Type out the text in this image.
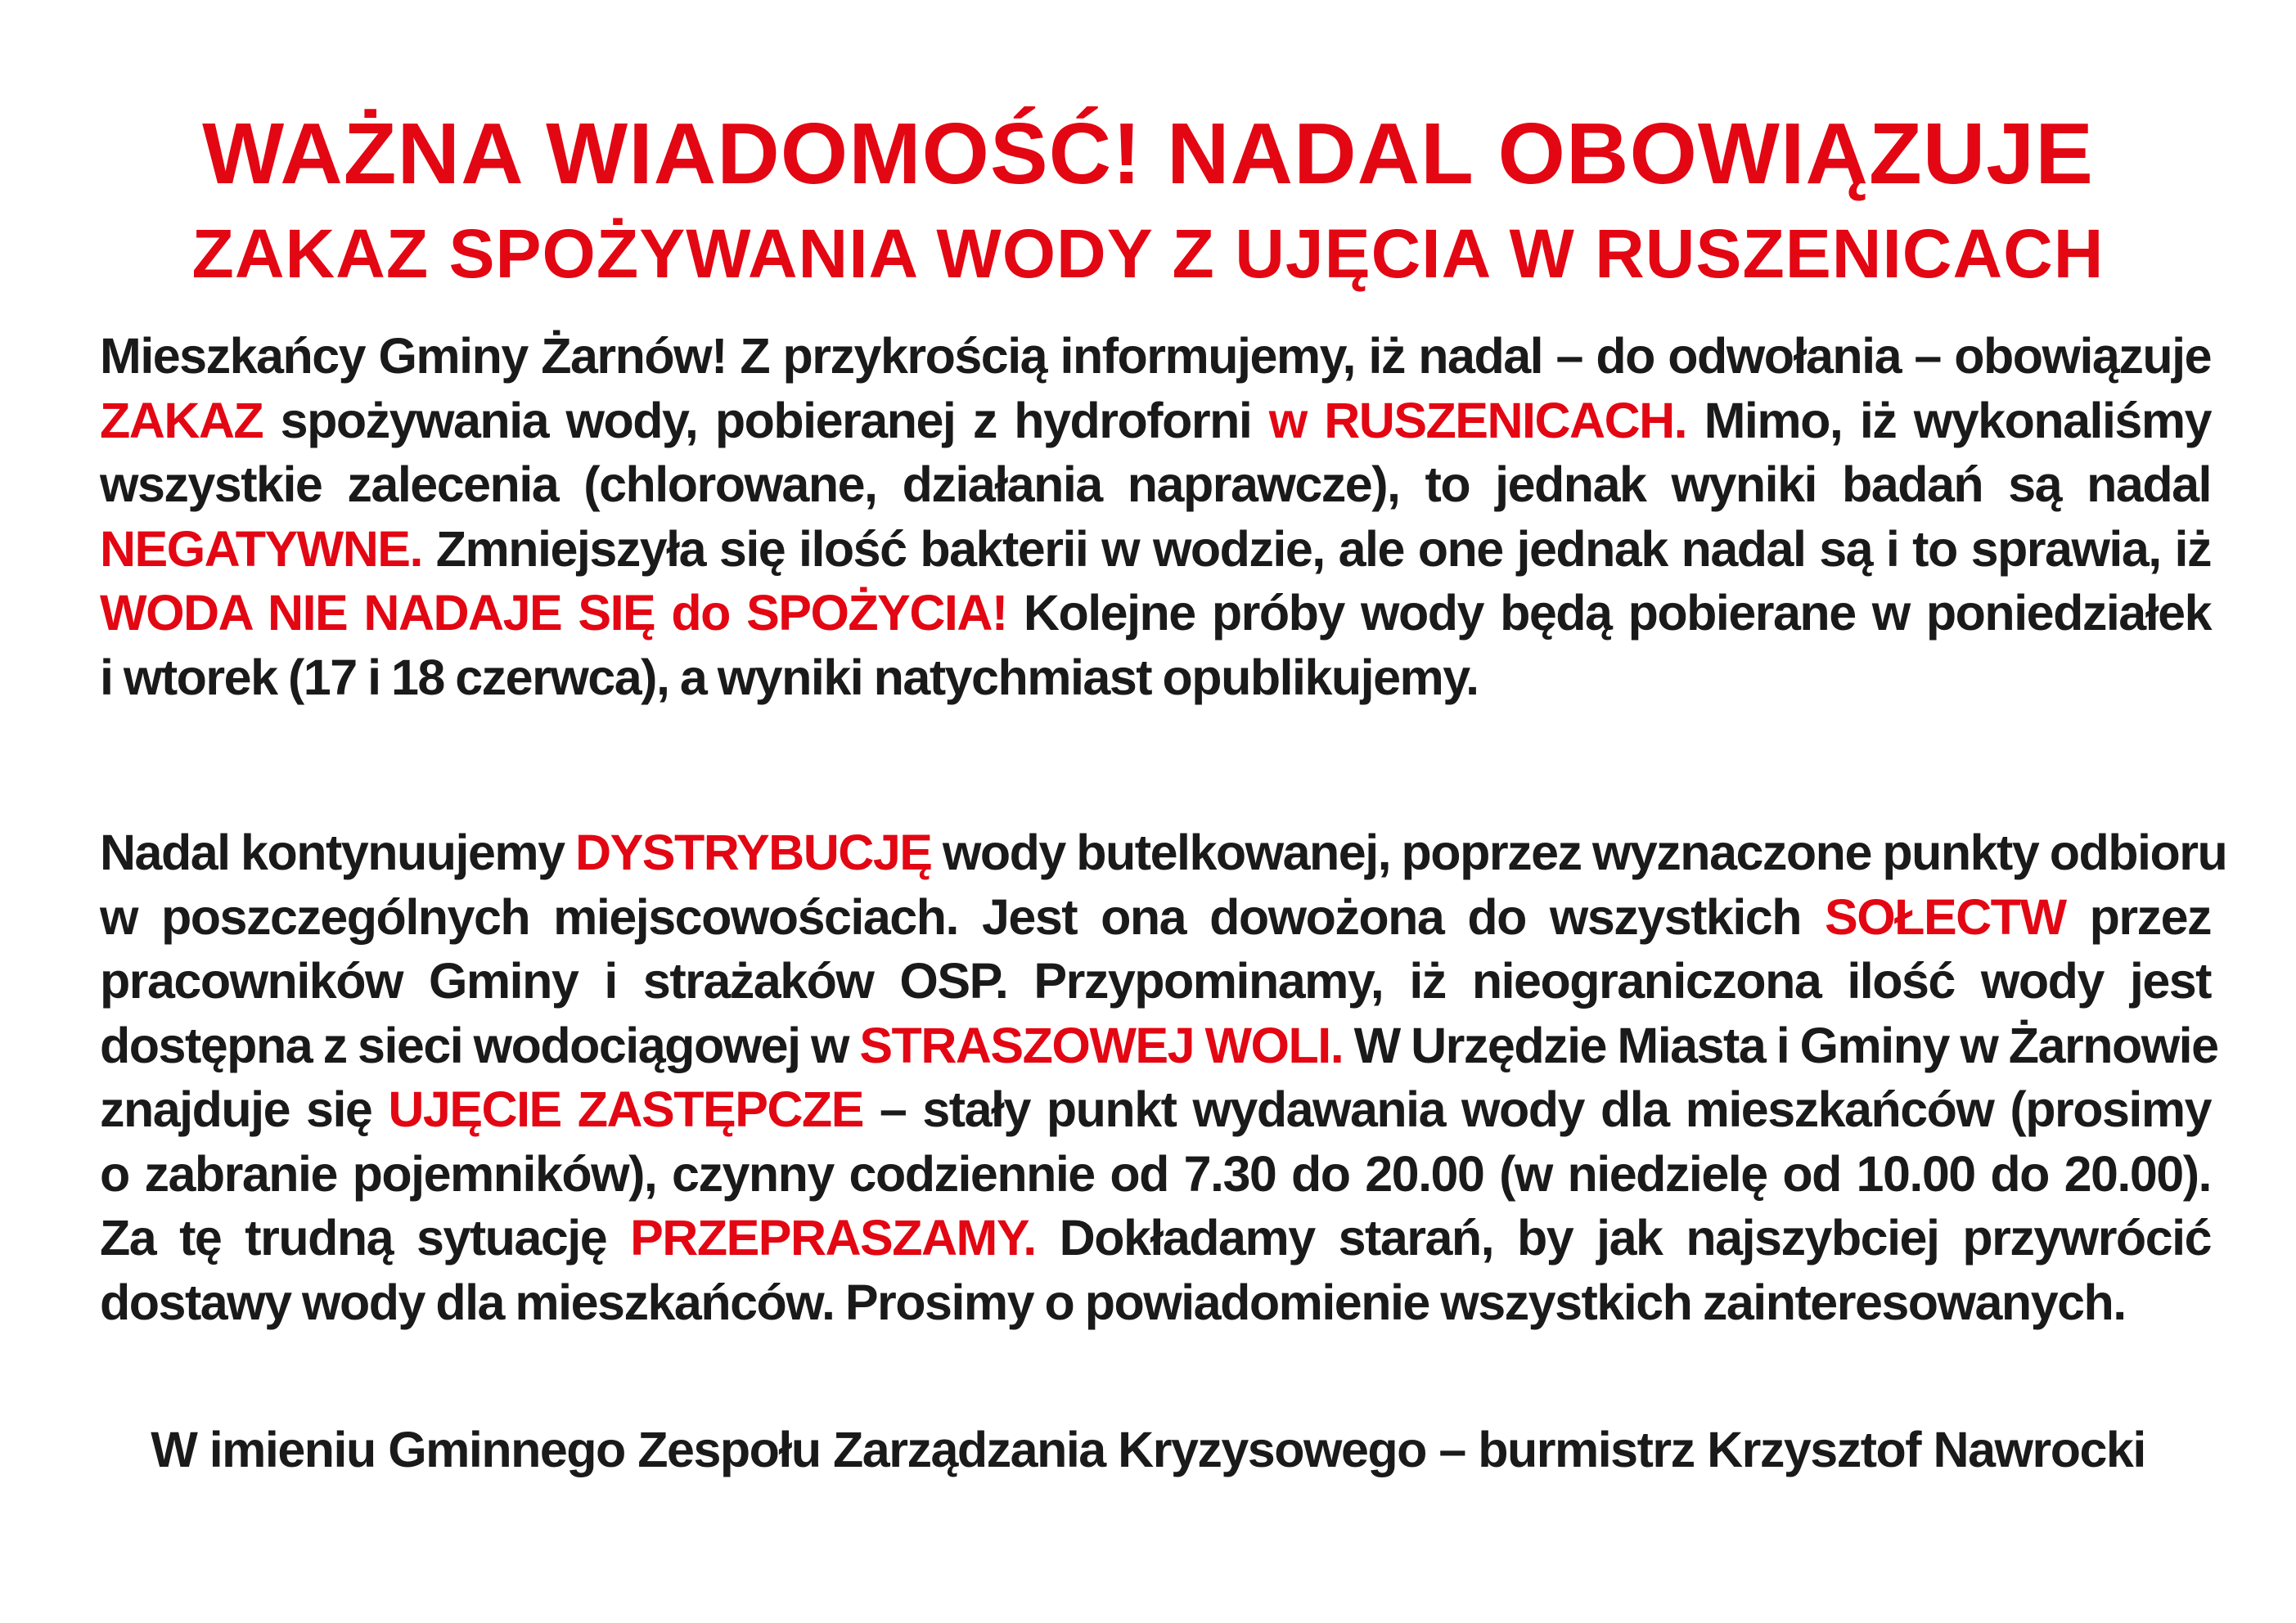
WAŻNA WIADOMOŚĆ! NADAL OBOWIĄZUJE
ZAKAZ SPOŻYWANIA WODY Z UJĘCIA W RUSZENICACH
Mieszkańcy Gminy Żarnów! Z przykrością informujemy, iż nadal – do odwołania – obowiązuje
ZAKAZ spożywania wody, pobieranej z hydroforni w RUSZENICACH. Mimo, iż wykonaliśmy
wszystkie zalecenia (chlorowane, działania naprawcze), to jednak wyniki badań są nadal
NEGATYWNE. Zmniejszyła się ilość bakterii w wodzie, ale one jednak nadal są i to sprawia, iż
WODA NIE NADAJE SIĘ do SPOŻYCIA! Kolejne próby wody będą pobierane w poniedziałek
i wtorek (17 i 18 czerwca), a wyniki natychmiast opublikujemy.
Nadal kontynuujemy DYSTRYBUCJĘ wody butelkowanej, poprzez wyznaczone punkty odbioru
w poszczególnych miejscowościach. Jest ona dowożona do wszystkich SOŁECTW przez
pracowników Gminy i strażaków OSP. Przypominamy, iż nieograniczona ilość wody jest
dostępna z sieci wodociągowej w STRASZOWEJ WOLI. W Urzędzie Miasta i Gminy w Żarnowie
znajduje się UJĘCIE ZASTĘPCZE – stały punkt wydawania wody dla mieszkańców (prosimy
o zabranie pojemników), czynny codziennie od 7.30 do 20.00 (w niedzielę od 10.00 do 20.00).
Za tę trudną sytuację PRZEPRASZAMY. Dokładamy starań, by jak najszybciej przywrócić
dostawy wody dla mieszkańców. Prosimy o powiadomienie wszystkich zainteresowanych.
W imieniu Gminnego Zespołu Zarządzania Kryzysowego – burmistrz Krzysztof Nawrocki
